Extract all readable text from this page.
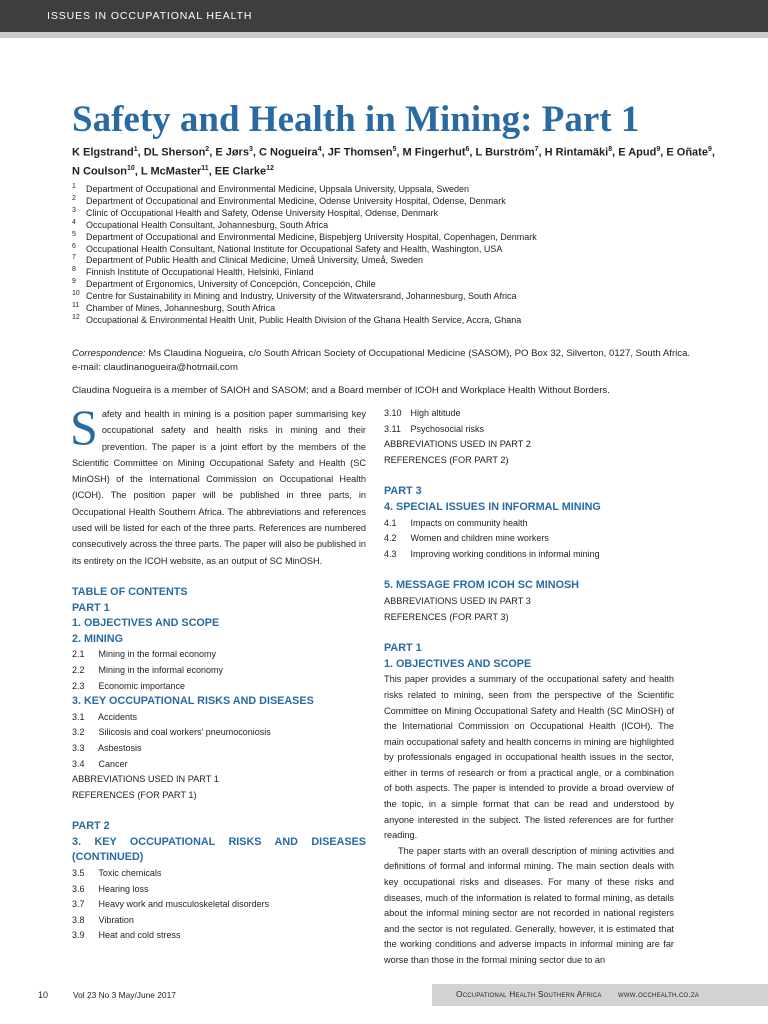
ISSUES IN OCCUPATIONAL HEALTH
Safety and Health in Mining: Part 1
K Elgstrand$^1$, DL Sherson$^2$, E Jørs$^3$, C Nogueira$^4$, JF Thomsen$^5$, M Fingerhut$^6$, L Burström$^7$, H Rintamäki$^8$, E Apud$^9$, E Oñate$^9$, N Coulson$^{10}$, L McMaster$^{11}$, EE Clarke$^{12}$
1 Department of Occupational and Environmental Medicine, Uppsala University, Uppsala, Sweden
2 Department of Occupational and Environmental Medicine, Odense University Hospital, Odense, Denmark
3 Clinic of Occupational Health and Safety, Odense University Hospital, Odense, Denmark
4 Occupational Health Consultant, Johannesburg, South Africa
5 Department of Occupational and Environmental Medicine, Bispebjerg University Hospital, Copenhagen, Denmark
6 Occupational Health Consultant, National Institute for Occupational Safety and Health, Washington, USA
7 Department of Public Health and Clinical Medicine, Umeå University, Umeå, Sweden
8 Finnish Institute of Occupational Health, Helsinki, Finland
9 Department of Ergonomics, University of Concepción, Concepción, Chile
10 Centre for Sustainability in Mining and Industry, University of the Witwatersrand, Johannesburg, South Africa
11 Chamber of Mines, Johannesburg, South Africa
12 Occupational & Environmental Health Unit, Public Health Division of the Ghana Health Service, Accra, Ghana
Correspondence: Ms Claudina Nogueira, c/o South African Society of Occupational Medicine (SASOM), PO Box 32, Silverton, 0127, South Africa. e-mail: claudinanogueira@hotmail.com
Claudina Nogueira is a member of SAIOH and SASOM; and a Board member of ICOH and Workplace Health Without Borders.

Safety and health in mining is a position paper summarising key occupational safety and health risks in mining and their prevention. The paper is a joint effort by the members of the Scientific Committee on Mining Occupational Safety and Health (SC MinOSH) of the International Commission on Occupational Health (ICOH). The position paper will be published in three parts, in Occupational Health Southern Africa. The abbreviations and references used will be listed for each of the three parts. References are numbered consecutively across the three parts. The paper will also be published in its entirety on the ICOH website, as an output of SC MinOSH.

TABLE OF CONTENTS
PART 1
1. OBJECTIVES AND SCOPE
2. MINING
2.1 Mining in the formal economy
2.2 Mining in the informal economy
2.3 Economic importance
3. KEY OCCUPATIONAL RISKS AND DISEASES
3.1 Accidents
3.2 Silicosis and coal workers' pneumoconiosis
3.3 Asbestosis
3.4 Cancer
ABBREVIATIONS USED IN PART 1
REFERENCES (FOR PART 1)
PART 2
3. KEY OCCUPATIONAL RISKS AND DISEASES (CONTINUED)
3.5 Toxic chemicals
3.6 Hearing loss
3.7 Heavy work and musculoskeletal disorders
3.8 Vibration
3.9 Heat and cold stress
3.10 High altitude
3.11 Psychosocial risks
ABBREVIATIONS USED IN PART 2
REFERENCES (FOR PART 2)
PART 3
4. SPECIAL ISSUES IN INFORMAL MINING
4.1 Impacts on community health
4.2 Women and children mine workers
4.3 Improving working conditions in informal mining
5. MESSAGE FROM ICOH SC MINOSH
ABBREVIATIONS USED IN PART 3
REFERENCES (FOR PART 3)
PART 1
1. OBJECTIVES AND SCOPE

This paper provides a summary of the occupational safety and health risks related to mining, seen from the perspective of the Scientific Committee on Mining Occupational Safety and Health (SC MinOSH) of the International Commission on Occupational Health (ICOH). The main occupational safety and health concerns in mining are highlighted by professionals engaged in occupational health issues in the sector, either in terms of research or from a practical angle, or a combination of both aspects. The paper is intended to provide a broad overview of the topic, in a simple format that can be read and understood by anyone interested in the subject. The listed references are for further reading.

The paper starts with an overall description of mining activities and definitions of formal and informal mining. The main section deals with key occupational risks and diseases. For many of these risks and diseases, much of the information is related to formal mining, as details about the informal mining sector are not recorded in national registers and the sector is not regulated. Generally, however, it is estimated that the working conditions and adverse impacts in informal mining are far worse than those in the formal mining sector due to an

10	Vol 23 No 3 May/June 2017	Occupational Health Southern Africa www.occhealth.co.za
